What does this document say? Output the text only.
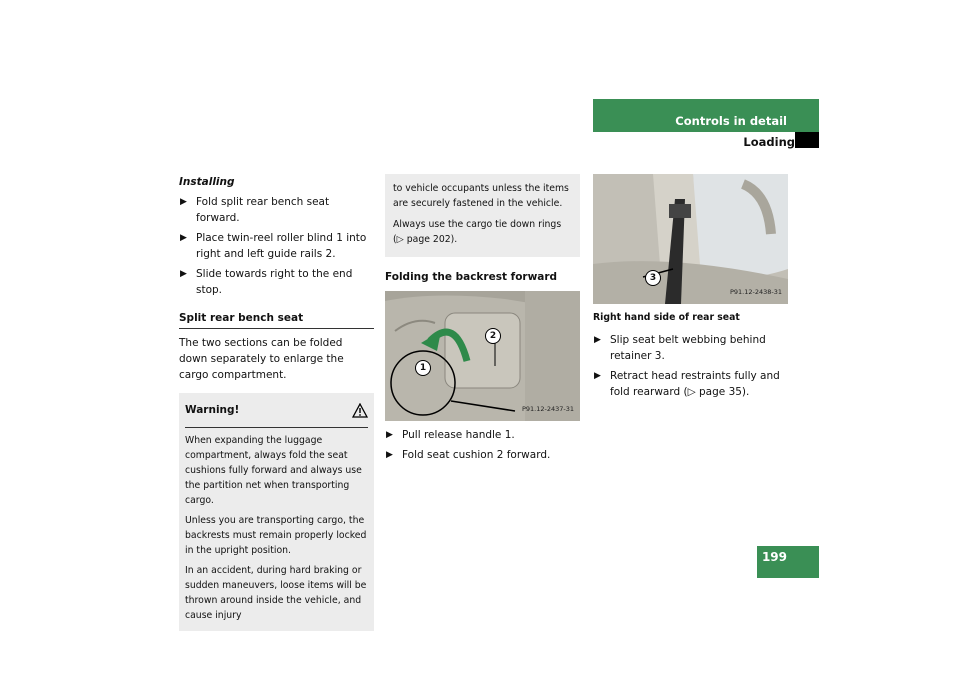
Controls in detail
Loading
Installing
▶ Fold split rear bench seat forward.
▶ Place twin-reel roller blind 1 into right and left guide rails 2.
▶ Slide towards right to the end stop.
Split rear bench seat
The two sections can be folded down separately to enlarge the cargo compartment.
Warning!

When expanding the luggage compartment, always fold the seat cushions fully forward and always use the partition net when transporting cargo.

Unless you are transporting cargo, the backrests must remain properly locked in the upright position.

In an accident, during hard braking or sudden maneuvers, loose items will be thrown around inside the vehicle, and cause injury

to vehicle occupants unless the items are securely fastened in the vehicle.

Always use the cargo tie down rings (▷ page 202).

Folding the backrest forward
1
2
P91.12-2437-31
▶ Pull release handle 1.
▶ Fold seat cushion 2 forward.
3
P91.12-2438-31
Right hand side of rear seat
▶ Slip seat belt webbing behind retainer 3.
▶ Retract head restraints fully and fold rearward (▷ page 35).
199
